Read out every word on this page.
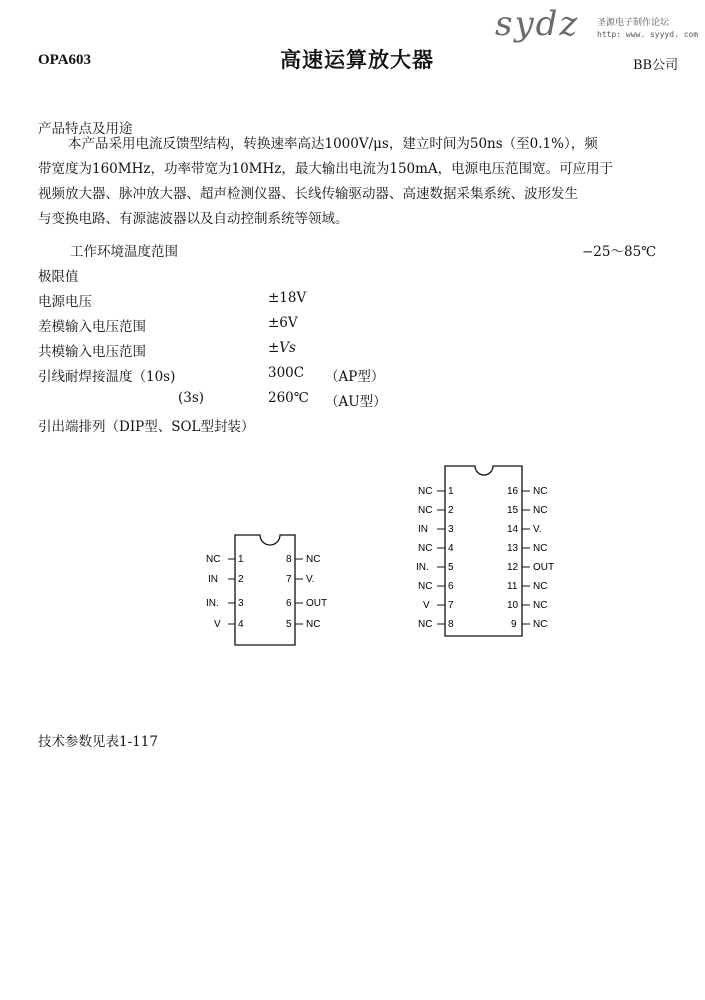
sydz 圣源电子制作论坛
http: www. syyyd. com
OPA603	高速运算放大器	BB公司
产品特点及用途
本产品采用电流反馈型结构，转换速率高达1000V/μs，建立时间为50ns（至0.1%），频
带宽度为160MHz，功率带宽为10MHz，最大输出电流为150mA，电源电压范围宽。可应用于
视频放大器、脉冲放大器、超声检测仪器、长线传输驱动器、高速数据采集系统、波形发生
与变换电路、有源滤波器以及自动控制系统等领域。
工作环境温度范围	−25～85℃
极限值
电源电压	±18V
差模输入电压范围	±6V
共模输入电压范围	±Vs
引线耐焊接温度（10s)	300C （AP型）
(3s)	260℃ （AU型）
引出端排列（DIP型、SOL型封装）
NC 1
IN 2
IN. 3
V 4
8 NC
7 V.
6 OUT
5 NC
NC 1
NC 2
IN 3
NC 4
IN. 5
NC 6
V 7
NC 8
16 NC
15 NC
14 V.
13 NC
12 OUT
11 NC
10 NC
9 NC
技术参数见表1-117
